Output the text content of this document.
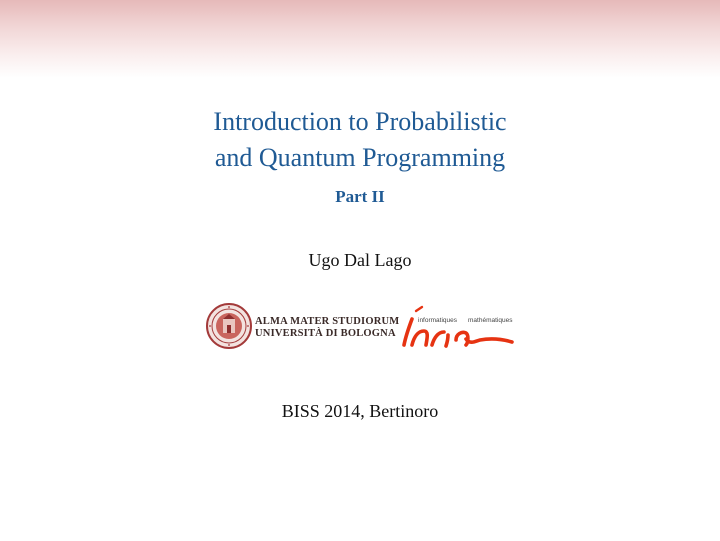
Introduction to Probabilistic
and Quantum Programming
Part II
Ugo Dal Lago
ALMA MATER STUDIORUM
UNIVERSITÀ DI BOLOGNA
informatiques mathématiques
BISS 2014, Bertinoro
